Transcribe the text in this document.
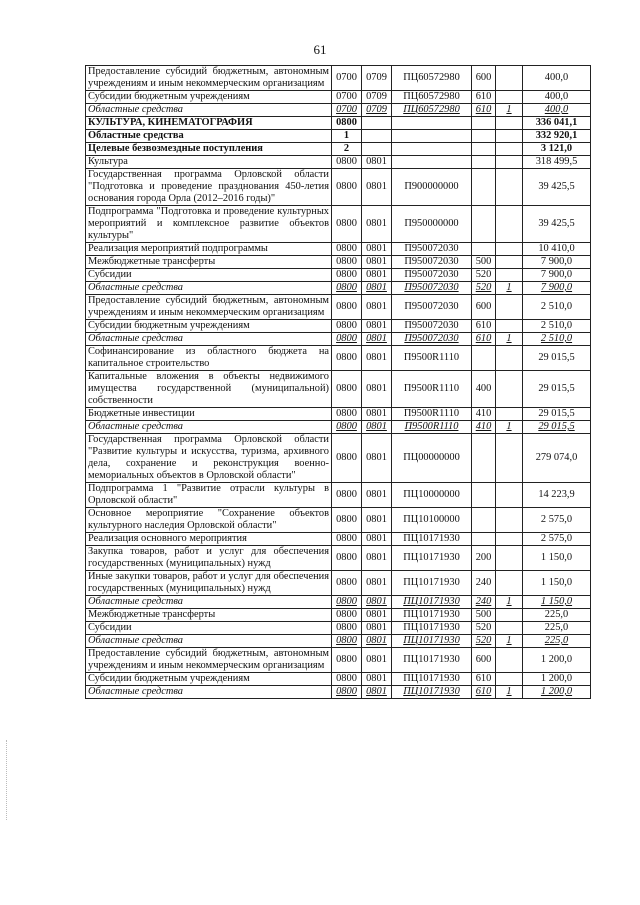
61
Предоставление субсидий бюджетным, автономным учреждениям и иным некоммерческим организациям	0700	0709	ПЦ60572980	600		400,0
Субсидии бюджетным учреждениям	0700	0709	ПЦ60572980	610		400,0
Областные средства	0700	0709	ПЦ60572980	610	1	400,0
КУЛЬТУРА, КИНЕМАТОГРАФИЯ	0800					336 041,1
Областные средства	1					332 920,1
Целевые безвозмездные поступления	2					3 121,0
Культура	0800	0801				318 499,5
Государственная программа Орловской области "Подготовка и проведение празднования 450-летия основания города Орла (2012–2016 годы)"	0800	0801	П900000000			39 425,5
Подпрограмма "Подготовка и проведение культурных мероприятий и комплексное развитие объектов культуры"	0800	0801	П950000000			39 425,5
Реализация мероприятий подпрограммы	0800	0801	П950072030			10 410,0
Межбюджетные трансферты	0800	0801	П950072030	500		7 900,0
Субсидии	0800	0801	П950072030	520		7 900,0
Областные средства	0800	0801	П950072030	520	1	7 900,0
Предоставление субсидий бюджетным, автономным учреждениям и иным некоммерческим организациям	0800	0801	П950072030	600		2 510,0
Субсидии бюджетным учреждениям	0800	0801	П950072030	610		2 510,0
Областные средства	0800	0801	П950072030	610	1	2 510,0
Софинансирование из областного бюджета на капитальное строительство	0800	0801	П9500R1110			29 015,5
Капитальные вложения в объекты недвижимого имущества государственной (муниципальной) собственности	0800	0801	П9500R1110	400		29 015,5
Бюджетные инвестиции	0800	0801	П9500R1110	410		29 015,5
Областные средства	0800	0801	П9500R1110	410	1	29 015,5
Государственная программа Орловской области "Развитие культуры и искусства, туризма, архивного дела, сохранение и реконструкция военно-мемориальных объектов в Орловской области"	0800	0801	ПЦ00000000			279 074,0
Подпрограмма 1 "Развитие отрасли культуры в Орловской области"	0800	0801	ПЦ10000000			14 223,9
Основное мероприятие "Сохранение объектов культурного наследия Орловской области"	0800	0801	ПЦ10100000			2 575,0
Реализация основного мероприятия	0800	0801	ПЦ10171930			2 575,0
Закупка товаров, работ и услуг для обеспечения государственных (муниципальных) нужд	0800	0801	ПЦ10171930	200		1 150,0
Иные закупки товаров, работ и услуг для обеспечения государственных (муниципальных) нужд	0800	0801	ПЦ10171930	240		1 150,0
Областные средства	0800	0801	ПЦ10171930	240	1	1 150,0
Межбюджетные трансферты	0800	0801	ПЦ10171930	500		225,0
Субсидии	0800	0801	ПЦ10171930	520		225,0
Областные средства	0800	0801	ПЦ10171930	520	1	225,0
Предоставление субсидий бюджетным, автономным учреждениям и иным некоммерческим организациям	0800	0801	ПЦ10171930	600		1 200,0
Субсидии бюджетным учреждениям	0800	0801	ПЦ10171930	610		1 200,0
Областные средства	0800	0801	ПЦ10171930	610	1	1 200,0
